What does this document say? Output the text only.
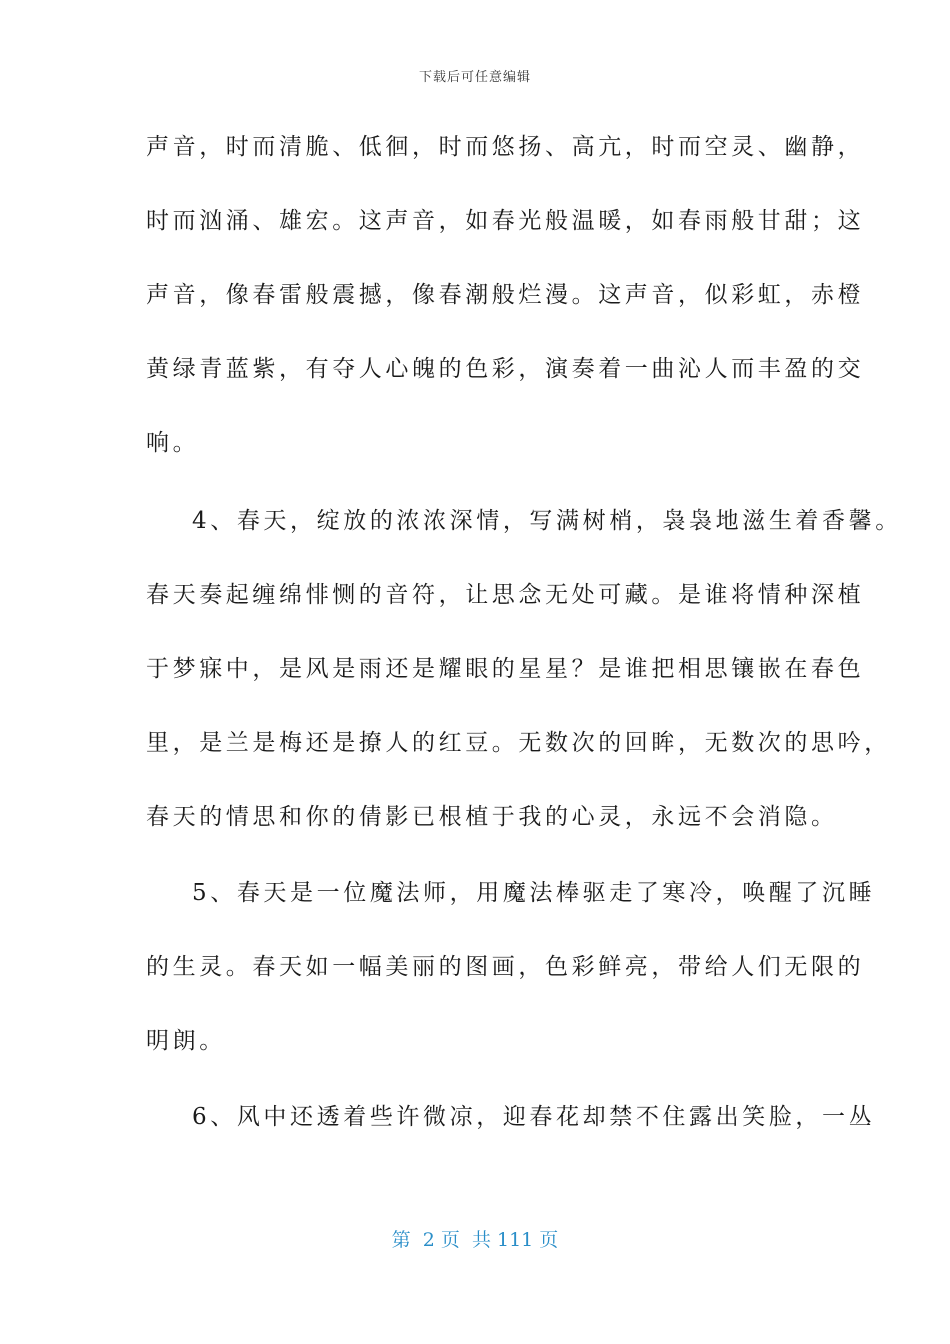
下载后可任意编辑
声音，时而清脆、低徊，时而悠扬、高亢，时而空灵、幽静，
时而汹涌、雄宏。这声音，如春光般温暖，如春雨般甘甜；这
声音，像春雷般震撼，像春潮般烂漫。这声音，似彩虹，赤橙
黄绿青蓝紫，有夺人心魄的色彩，演奏着一曲沁人而丰盈的交
响。
4、春天，绽放的浓浓深情，写满树梢，袅袅地滋生着香馨。
春天奏起缠绵悱恻的音符，让思念无处可藏。是谁将情种深植
于梦寐中，是风是雨还是耀眼的星星？是谁把相思镶嵌在春色
里，是兰是梅还是撩人的红豆。无数次的回眸，无数次的思吟，
春天的情思和你的倩影已根植于我的心灵，永远不会消隐。
5、春天是一位魔法师，用魔法棒驱走了寒冷，唤醒了沉睡
的生灵。春天如一幅美丽的图画，色彩鲜亮，带给人们无限的
明朗。
6、风中还透着些许微凉，迎春花却禁不住露出笑脸，一丛
第  2 页  共 111 页
